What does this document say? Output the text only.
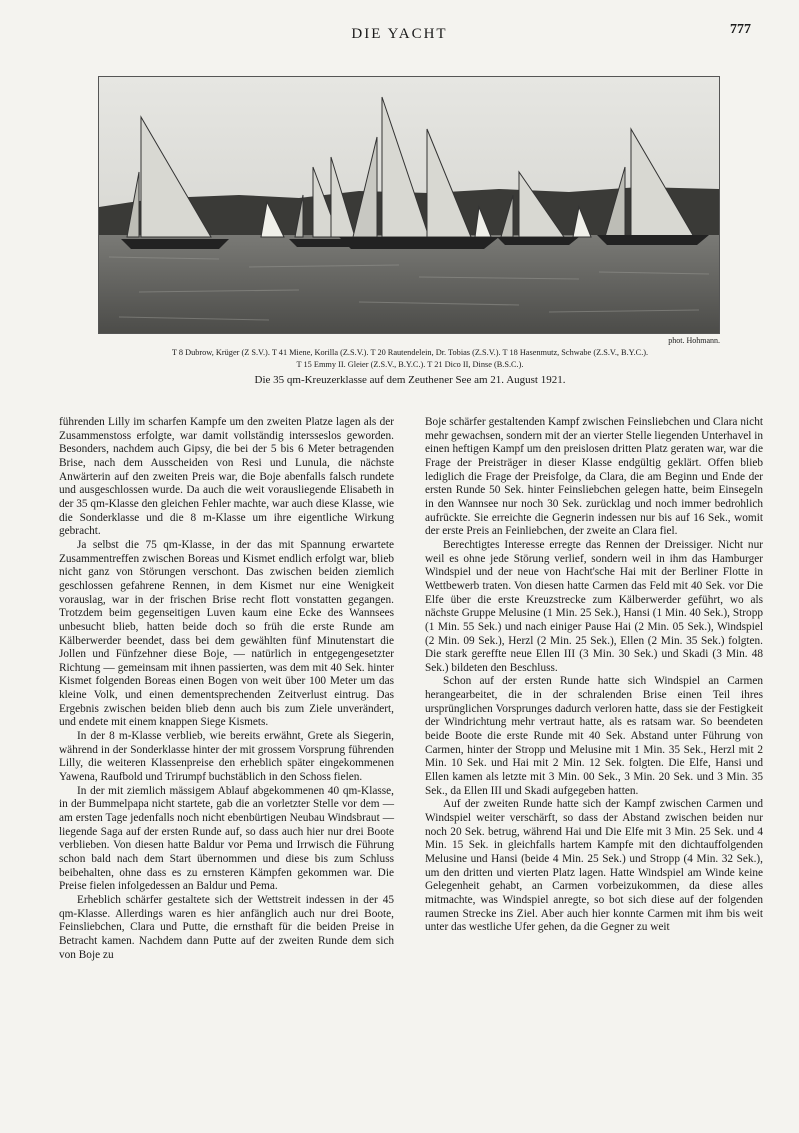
DIE YACHT	777
phot. Hohmann.
T 8 Dubrow, Krüger (Z S.V.). T 41 Miene, Korilla (Z.S.V.). T 20 Rautendelein, Dr. Tobias (Z.S.V.). T 18 Hasenmutz, Schwabe (Z.S.V., B.Y.C.).
T 15 Emmy II. Gleier (Z.S.V., B.Y.C.). T 21 Dico II, Dinse (B.S.C.).
Die 35 qm-Kreuzerklasse auf dem Zeuthener See am 21. August 1921.

führenden Lilly im scharfen Kampfe um den zweiten Platze lagen als der Zusammenstoss erfolgte, war damit vollständig intersseslos geworden. Besonders, nachdem auch Gipsy, die bei der 5 bis 6 Meter betragenden Brise, nach dem Ausscheiden von Resi und Lunula, die nächste Anwärterin auf den zweiten Preis war, die Boje abenfalls falsch rundete und ausgeschlossen wurde. Da auch die weit vorausliegende Elisabeth in der 35 qm-Klasse den gleichen Fehler machte, war auch diese Klasse, wie die Sonderklasse und die 8 m-Klasse um ihre eigentliche Wirkung gebracht.

Ja selbst die 75 qm-Klasse, in der das mit Spannung erwartete Zusammentreffen zwischen Boreas und Kismet endlich erfolgt war, blieb nicht ganz von Störungen verschont. Das zwischen beiden ziemlich geschlossen gefahrene Rennen, in dem Kismet nur eine Wenigkeit vorauslag, war in der frischen Brise recht flott vonstatten gegangen. Trotzdem beim gegenseitigen Luven kaum eine Ecke des Wannsees unbesucht blieb, hatten beide doch so früh die erste Runde am Kälberwerder beendet, dass bei dem gewählten fünf Minutenstart die Jollen und Fünfzehner diese Boje, — natürlich in entgegengesetzter Richtung — gemeinsam mit ihnen passierten, was dem mit 40 Sek. hinter Kismet folgenden Boreas einen Bogen von weit über 100 Meter um das kleine Volk, und einen dementsprechenden Zeitverlust eintrug. Das Ergebnis zwischen beiden blieb denn auch bis zum Ziele unverändert, und endete mit einem knappen Siege Kismets.

In der 8 m-Klasse verblieb, wie bereits erwähnt, Grete als Siegerin, während in der Sonderklasse hinter der mit grossem Vorsprung führenden Lilly, die weiteren Klassenpreise den erheblich später eingekommenen Yawena, Raufbold und Trirumpf buchstäblich in den Schoss fielen.

In der mit ziemlich mässigem Ablauf abgekommenen 40 qm-Klasse, in der Bummelpapa nicht startete, gab die an vorletzter Stelle vor dem — am ersten Tage jedenfalls noch nicht ebenbürtigen Neubau Windsbraut — liegende Saga auf der ersten Runde auf, so dass auch hier nur drei Boote verblieben. Von diesen hatte Baldur vor Pema und Irrwisch die Führung schon bald nach dem Start übernommen und diese bis zum Schluss beibehalten, ohne dass es zu ernsteren Kämpfen gekommen war. Die Preise fielen infolgedessen an Baldur und Pema.

Erheblich schärfer gestaltete sich der Wettstreit indessen in der 45 qm-Klasse. Allerdings waren es hier anfänglich auch nur drei Boote, Feinsliebchen, Clara und Putte, die ernsthaft für die beiden Preise in Betracht kamen. Nachdem dann Putte auf der zweiten Runde dem sich von Boje zu

Boje schärfer gestaltenden Kampf zwischen Feinsliebchen und Clara nicht mehr gewachsen, sondern mit der an vierter Stelle liegenden Unterhavel in einen heftigen Kampf um den preislosen dritten Platz geraten war, war die Frage der Preisträger in dieser Klasse endgültig geklärt. Offen blieb lediglich die Frage der Preisfolge, da Clara, die am Beginn und Ende der ersten Runde 50 Sek. hinter Feinsliebchen gelegen hatte, beim Einsegeln in den Wannsee nur noch 30 Sek. zurücklag und noch immer bedrohlich aufrückte. Sie erreichte die Gegnerin indessen nur bis auf 16 Sek., womit der erste Preis an Feinliebchen, der zweite an Clara fiel.

Berechtigtes Interesse erregte das Rennen der Dreissiger. Nicht nur weil es ohne jede Störung verlief, sondern weil in ihm das Hamburger Windspiel und der neue von Hacht'sche Hai mit der Berliner Flotte in Wettbewerb traten. Von diesen hatte Carmen das Feld mit 40 Sek. vor Die Elfe über die erste Kreuzstrecke zum Kälberwerder geführt, wo als nächste Gruppe Melusine (1 Min. 25 Sek.), Hansi (1 Min. 40 Sek.), Stropp (1 Min. 55 Sek.) und nach einiger Pause Hai (2 Min. 05 Sek.), Windspiel (2 Min. 09 Sek.), Herzl (2 Min. 25 Sek.), Ellen (2 Min. 35 Sek.) folgten. Die stark gereffte neue Ellen III (3 Min. 30 Sek.) und Skadi (3 Min. 48 Sek.) bildeten den Beschluss.

Schon auf der ersten Runde hatte sich Windspiel an Carmen herangearbeitet, die in der schralenden Brise einen Teil ihres ursprünglichen Vorsprunges dadurch verloren hatte, dass sie der Festigkeit der Windrichtung mehr vertraut hatte, als es ratsam war. So beendeten beide Boote die erste Runde mit 40 Sek. Abstand unter Führung von Carmen, hinter der Stropp und Melusine mit 1 Min. 35 Sek., Herzl mit 2 Min. 10 Sek. und Hai mit 2 Min. 12 Sek. folgten. Die Elfe, Hansi und Ellen kamen als letzte mit 3 Min. 00 Sek., 3 Min. 20 Sek. und 3 Min. 35 Sek., da Ellen III und Skadi aufgegeben hatten.

Auf der zweiten Runde hatte sich der Kampf zwischen Carmen und Windspiel weiter verschärft, so dass der Abstand zwischen beiden nur noch 20 Sek. betrug, während Hai und Die Elfe mit 3 Min. 25 Sek. und 4 Min. 15 Sek. in gleichfalls hartem Kampfe mit den dichtauffolgenden Melusine und Hansi (beide 4 Min. 25 Sek.) und Stropp (4 Min. 32 Sek.), um den dritten und vierten Platz lagen. Hatte Windspiel am Winde keine Gelegenheit gehabt, an Carmen vorbeizukommen, da diese alles mitmachte, was Windspiel anregte, so bot sich diese auf der folgenden raumen Strecke ins Ziel. Aber auch hier konnte Carmen mit ihm bis weit unter das westliche Ufer gehen, da die Gegner zu weit
